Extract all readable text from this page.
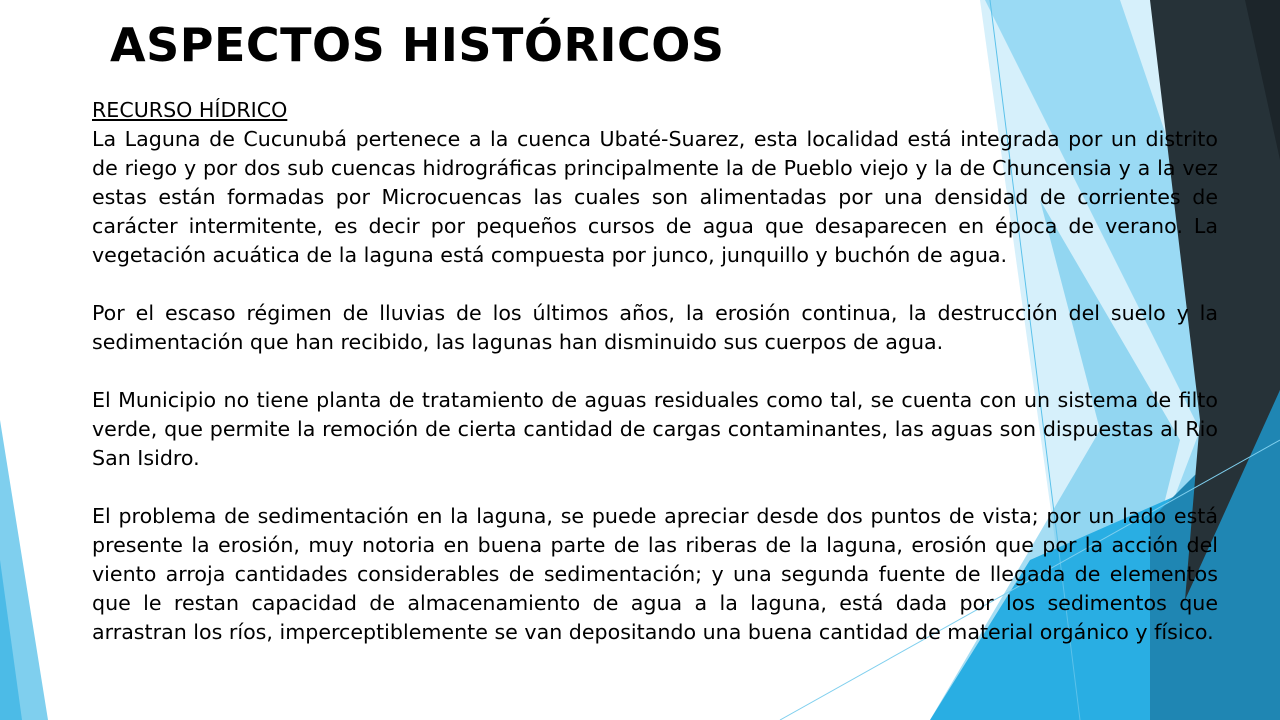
ASPECTOS HISTÓRICOS

RECURSO HÍDRICO
La Laguna de Cucunubá pertenece a la cuenca Ubaté-Suarez, esta localidad está integrada por un distrito de riego y por dos sub cuencas hidrográficas principalmente la de Pueblo viejo y la de Chuncensia y a la vez estas están formadas por Microcuencas las cuales son alimentadas por una densidad de corrientes de carácter intermitente, es decir por pequeños cursos de agua que desaparecen en época de verano. La vegetación acuática de la laguna está compuesta por junco, junquillo y buchón de agua.

Por el escaso régimen de lluvias de los últimos años, la erosión continua, la destrucción del suelo y la sedimentación que han recibido, las lagunas han disminuido sus cuerpos de agua.

El Municipio no tiene planta de tratamiento de aguas residuales como tal, se cuenta con un sistema de filto verde, que permite la remoción de cierta cantidad de cargas contaminantes, las aguas son dispuestas al Rio San Isidro.

El problema de sedimentación en la laguna, se puede apreciar desde dos puntos de vista; por un lado está presente la erosión, muy notoria en buena parte de las riberas de la laguna, erosión que por la acción del viento arroja cantidades considerables de sedimentación; y una segunda fuente de llegada de elementos que le restan capacidad de almacenamiento de agua a la laguna, está dada por los sedimentos que arrastran los ríos, imperceptiblemente se van depositando una buena cantidad de material orgánico y físico.
